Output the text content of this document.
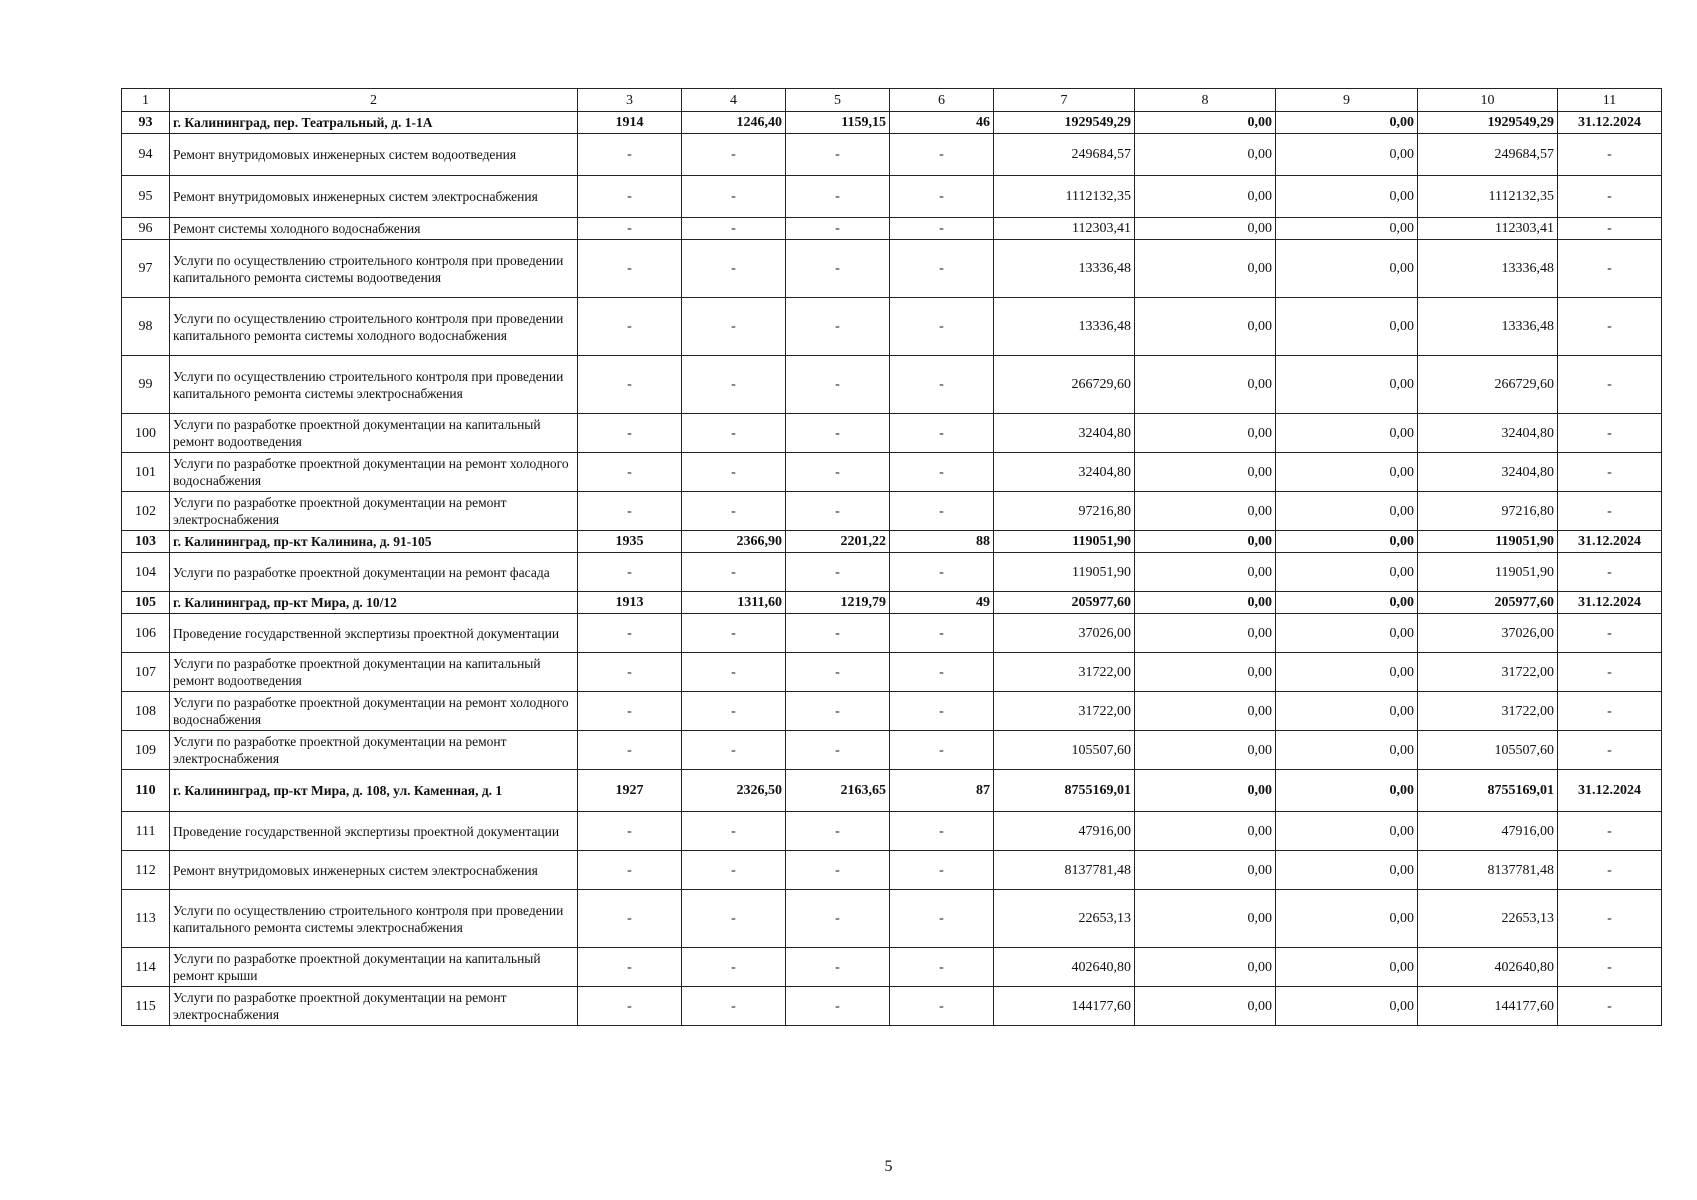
1	2	3	4	5	6	7	8	9	10	11
93	г. Калининград, пер. Театральный, д. 1-1А	1914	1246,40	1159,15	46	1929549,29	0,00	0,00	1929549,29	31.12.2024
94	Ремонт внутридомовых инженерных систем водоотведения	-	-	-	-	249684,57	0,00	0,00	249684,57	-
95	Ремонт внутридомовых инженерных систем электроснабжения	-	-	-	-	1112132,35	0,00	0,00	1112132,35	-
96	Ремонт системы холодного водоснабжения	-	-	-	-	112303,41	0,00	0,00	112303,41	-
97	Услуги по осуществлению строительного контроля при проведении капитального ремонта системы водоотведения	-	-	-	-	13336,48	0,00	0,00	13336,48	-
98	Услуги по осуществлению строительного контроля при проведении капитального ремонта системы холодного водоснабжения	-	-	-	-	13336,48	0,00	0,00	13336,48	-
99	Услуги по осуществлению строительного контроля при проведении капитального ремонта системы электроснабжения	-	-	-	-	266729,60	0,00	0,00	266729,60	-
100	Услуги по разработке проектной документации на капитальный ремонт водоотведения	-	-	-	-	32404,80	0,00	0,00	32404,80	-
101	Услуги по разработке проектной документации на ремонт холодного водоснабжения	-	-	-	-	32404,80	0,00	0,00	32404,80	-
102	Услуги по разработке проектной документации на ремонт электроснабжения	-	-	-	-	97216,80	0,00	0,00	97216,80	-
103	г. Калининград, пр-кт Калинина, д. 91-105	1935	2366,90	2201,22	88	119051,90	0,00	0,00	119051,90	31.12.2024
104	Услуги по разработке проектной документации на ремонт фасада	-	-	-	-	119051,90	0,00	0,00	119051,90	-
105	г. Калининград, пр-кт Мира, д. 10/12	1913	1311,60	1219,79	49	205977,60	0,00	0,00	205977,60	31.12.2024
106	Проведение государственной экспертизы проектной документации	-	-	-	-	37026,00	0,00	0,00	37026,00	-
107	Услуги по разработке проектной документации на капитальный ремонт водоотведения	-	-	-	-	31722,00	0,00	0,00	31722,00	-
108	Услуги по разработке проектной документации на ремонт холодного водоснабжения	-	-	-	-	31722,00	0,00	0,00	31722,00	-
109	Услуги по разработке проектной документации на ремонт электроснабжения	-	-	-	-	105507,60	0,00	0,00	105507,60	-
110	г. Калининград, пр-кт Мира, д. 108, ул. Каменная, д. 1	1927	2326,50	2163,65	87	8755169,01	0,00	0,00	8755169,01	31.12.2024
111	Проведение государственной экспертизы проектной документации	-	-	-	-	47916,00	0,00	0,00	47916,00	-
112	Ремонт внутридомовых инженерных систем электроснабжения	-	-	-	-	8137781,48	0,00	0,00	8137781,48	-
113	Услуги по осуществлению строительного контроля при проведении капитального ремонта системы электроснабжения	-	-	-	-	22653,13	0,00	0,00	22653,13	-
114	Услуги по разработке проектной документации на капитальный ремонт крыши	-	-	-	-	402640,80	0,00	0,00	402640,80	-
115	Услуги по разработке проектной документации на ремонт электроснабжения	-	-	-	-	144177,60	0,00	0,00	144177,60	-
5
